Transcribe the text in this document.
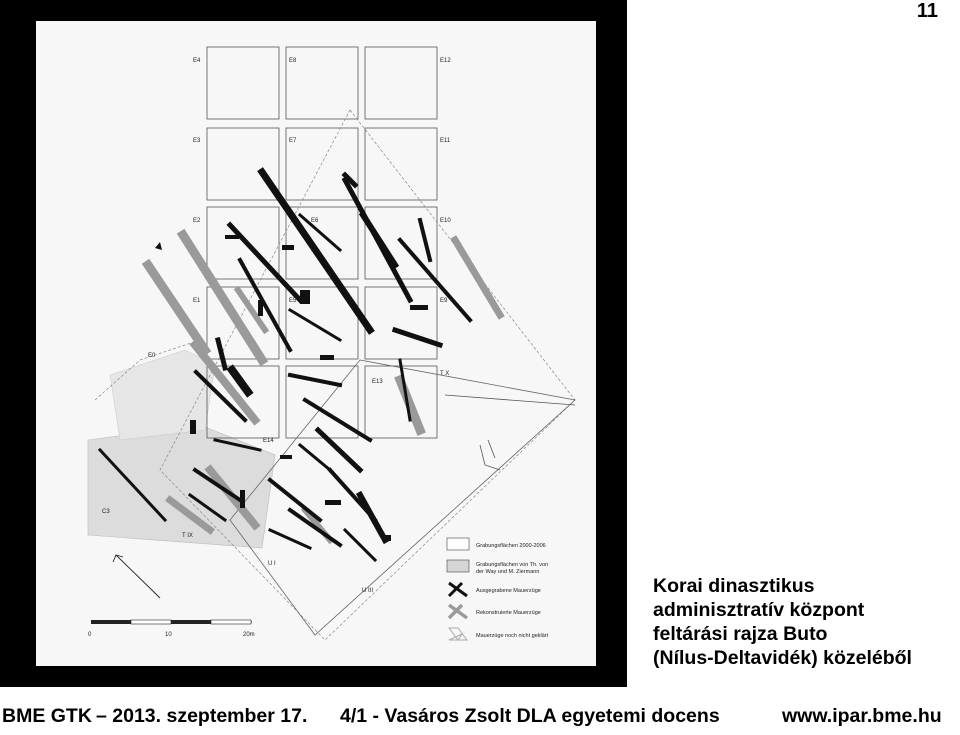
E4	E8	E12
E3	E7	E11
E2	E6	E10
E1	E5	E9
E0
E13
E14
T X
T IX
C3
U I
U III
0	10	20m
Grabungsflächen 2000-2006
Grabungsflächen von Th. von
der Way und M. Ziermann
Ausgegrabene Mauerzüge
Rekonstruierte Mauerzüge
Mauerzüge noch nicht geklärt
11
Korai dinasztikus
adminisztratív központ
feltárási rajza Buto
(Nílus-Deltavidék) közeléből
BME GTK – 2013. szeptember 17. 4/1 - Vasáros Zsolt DLA egyetemi docens	www.ipar.bme.hu
